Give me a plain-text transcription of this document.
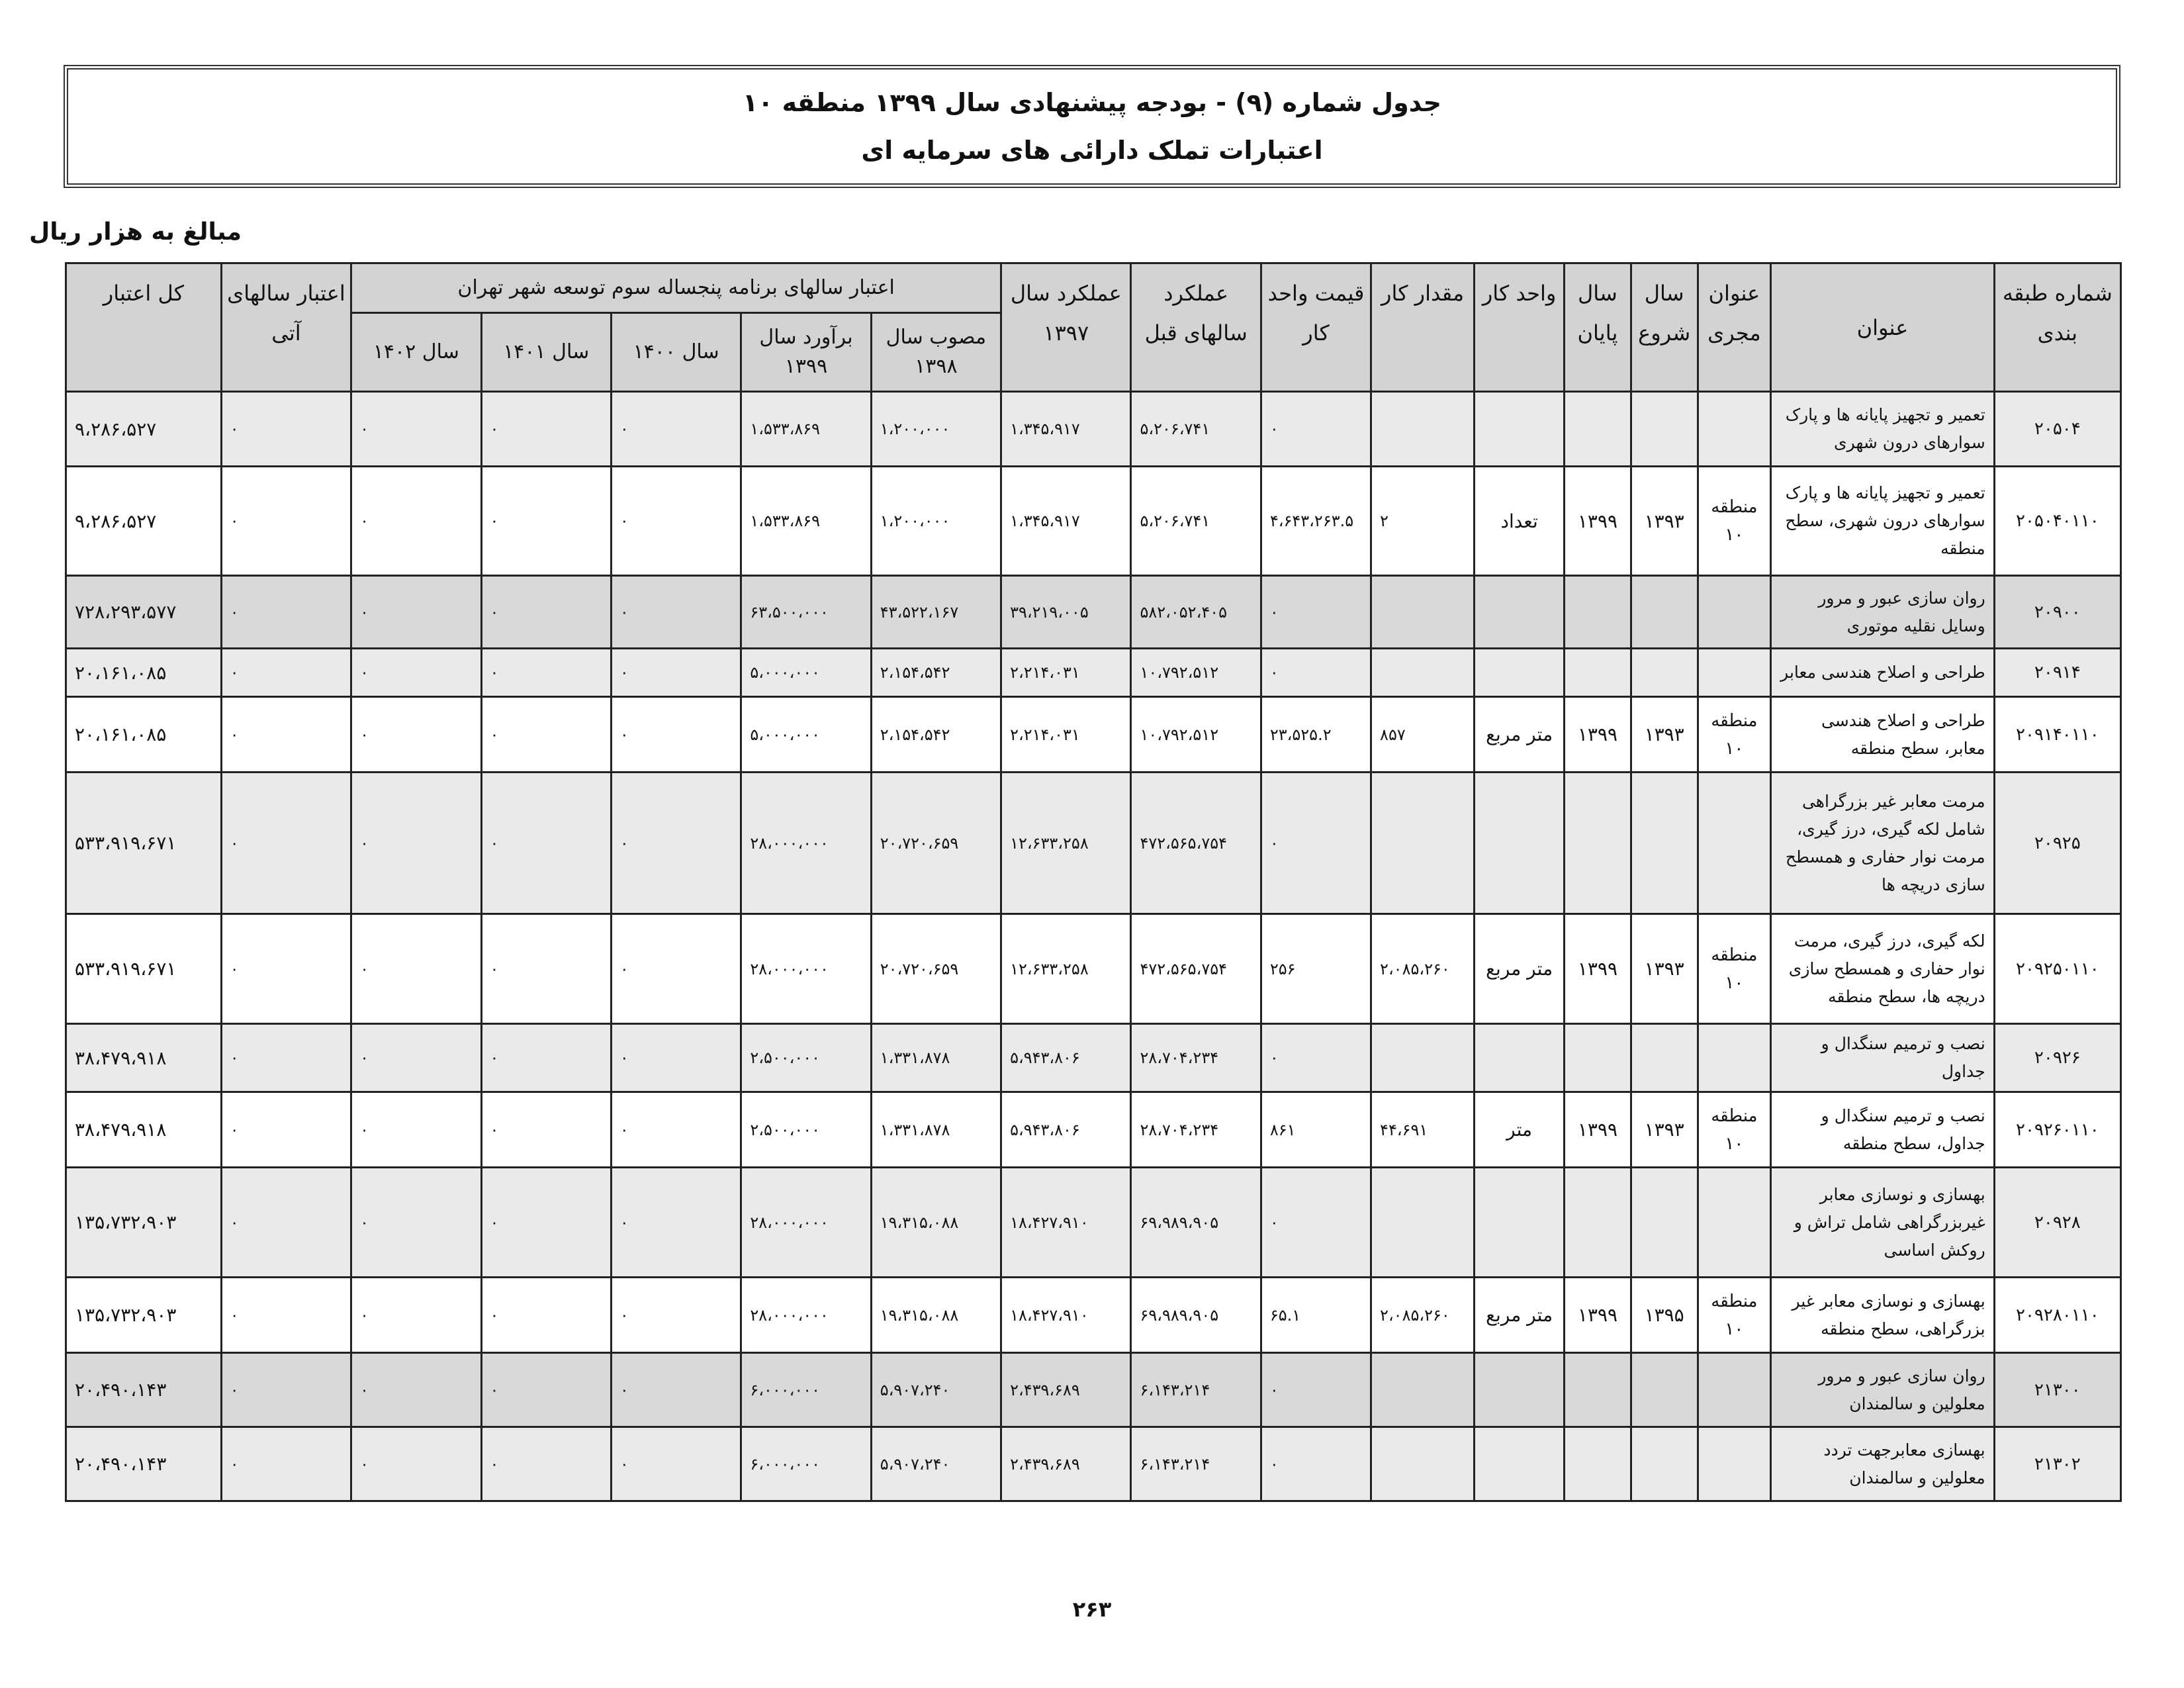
جدول شماره (۹) - بودجه پیشنهادی سال ۱۳۹۹ منطقه ۱۰
اعتبارات تملک دارائی های سرمایه ای
مبالغ به هزار ریال
شماره طبقه بندی	عنوان	عنوان مجری	سال شروع	سال پایان	واحد کار	مقدار کار	قیمت واحد کار	عملکرد سالهای قبل	عملکرد سال ۱۳۹۷	اعتبار سالهای برنامه پنجساله سوم توسعه شهر تهران					اعتبار سالهای آتی	کل اعتبار
										مصوب سال ۱۳۹۸	برآورد سال ۱۳۹۹	سال ۱۴۰۰	سال ۱۴۰۱	سال ۱۴۰۲		
۲۰۵۰۴	تعمیر و تجهیز پایانه ها و پارک سوارهای درون شهری						۰	۵،۲۰۶،۷۴۱	۱،۳۴۵،۹۱۷	۱،۲۰۰،۰۰۰	۱،۵۳۳،۸۶۹	۰	۰	۰	۰	۹،۲۸۶،۵۲۷
۲۰۵۰۴۰۱۱۰	تعمیر و تجهیز پایانه ها و پارک سوارهای درون شهری، سطح منطقه	منطقه ۱۰	۱۳۹۳	۱۳۹۹	تعداد	۲	۴،۶۴۳،۲۶۳.۵	۵،۲۰۶،۷۴۱	۱،۳۴۵،۹۱۷	۱،۲۰۰،۰۰۰	۱،۵۳۳،۸۶۹	۰	۰	۰	۰	۹،۲۸۶،۵۲۷
۲۰۹۰۰	روان سازی عبور و مرور وسایل نقلیه موتوری						۰	۵۸۲،۰۵۲،۴۰۵	۳۹،۲۱۹،۰۰۵	۴۳،۵۲۲،۱۶۷	۶۳،۵۰۰،۰۰۰	۰	۰	۰	۰	۷۲۸،۲۹۳،۵۷۷
۲۰۹۱۴	طراحی و اصلاح هندسی معابر						۰	۱۰،۷۹۲،۵۱۲	۲،۲۱۴،۰۳۱	۲،۱۵۴،۵۴۲	۵،۰۰۰،۰۰۰	۰	۰	۰	۰	۲۰،۱۶۱،۰۸۵
۲۰۹۱۴۰۱۱۰	طراحی و اصلاح هندسی معابر، سطح منطقه	منطقه ۱۰	۱۳۹۳	۱۳۹۹	متر مربع	۸۵۷	۲۳،۵۲۵.۲	۱۰،۷۹۲،۵۱۲	۲،۲۱۴،۰۳۱	۲،۱۵۴،۵۴۲	۵،۰۰۰،۰۰۰	۰	۰	۰	۰	۲۰،۱۶۱،۰۸۵
۲۰۹۲۵	مرمت معابر غیر بزرگراهی شامل لکه گیری، درز گیری، مرمت نوار حفاری و همسطح سازی دریچه ها						۰	۴۷۲،۵۶۵،۷۵۴	۱۲،۶۳۳،۲۵۸	۲۰،۷۲۰،۶۵۹	۲۸،۰۰۰،۰۰۰	۰	۰	۰	۰	۵۳۳،۹۱۹،۶۷۱
۲۰۹۲۵۰۱۱۰	لکه گیری، درز گیری، مرمت نوار حفاری و همسطح سازی دریچه ها، سطح منطقه	منطقه ۱۰	۱۳۹۳	۱۳۹۹	متر مربع	۲،۰۸۵،۲۶۰	۲۵۶	۴۷۲،۵۶۵،۷۵۴	۱۲،۶۳۳،۲۵۸	۲۰،۷۲۰،۶۵۹	۲۸،۰۰۰،۰۰۰	۰	۰	۰	۰	۵۳۳،۹۱۹،۶۷۱
۲۰۹۲۶	نصب و ترمیم سنگدال و جداول						۰	۲۸،۷۰۴،۲۳۴	۵،۹۴۳،۸۰۶	۱،۳۳۱،۸۷۸	۲،۵۰۰،۰۰۰	۰	۰	۰	۰	۳۸،۴۷۹،۹۱۸
۲۰۹۲۶۰۱۱۰	نصب و ترمیم سنگدال و جداول، سطح منطقه	منطقه ۱۰	۱۳۹۳	۱۳۹۹	متر	۴۴،۶۹۱	۸۶۱	۲۸،۷۰۴،۲۳۴	۵،۹۴۳،۸۰۶	۱،۳۳۱،۸۷۸	۲،۵۰۰،۰۰۰	۰	۰	۰	۰	۳۸،۴۷۹،۹۱۸
۲۰۹۲۸	بهسازی و نوسازی معابر غیربزرگراهی شامل تراش و روکش اساسی						۰	۶۹،۹۸۹،۹۰۵	۱۸،۴۲۷،۹۱۰	۱۹،۳۱۵،۰۸۸	۲۸،۰۰۰،۰۰۰	۰	۰	۰	۰	۱۳۵،۷۳۲،۹۰۳
۲۰۹۲۸۰۱۱۰	بهسازی و نوسازی معابر غیر بزرگراهی، سطح منطقه	منطقه ۱۰	۱۳۹۵	۱۳۹۹	متر مربع	۲،۰۸۵،۲۶۰	۶۵.۱	۶۹،۹۸۹،۹۰۵	۱۸،۴۲۷،۹۱۰	۱۹،۳۱۵،۰۸۸	۲۸،۰۰۰،۰۰۰	۰	۰	۰	۰	۱۳۵،۷۳۲،۹۰۳
۲۱۳۰۰	روان سازی عبور و مرور معلولین و سالمندان						۰	۶،۱۴۳،۲۱۴	۲،۴۳۹،۶۸۹	۵،۹۰۷،۲۴۰	۶،۰۰۰،۰۰۰	۰	۰	۰	۰	۲۰،۴۹۰،۱۴۳
۲۱۳۰۲	بهسازی معابرجهت تردد معلولین و سالمندان						۰	۶،۱۴۳،۲۱۴	۲،۴۳۹،۶۸۹	۵،۹۰۷،۲۴۰	۶،۰۰۰،۰۰۰	۰	۰	۰	۰	۲۰،۴۹۰،۱۴۳
۲۶۳
